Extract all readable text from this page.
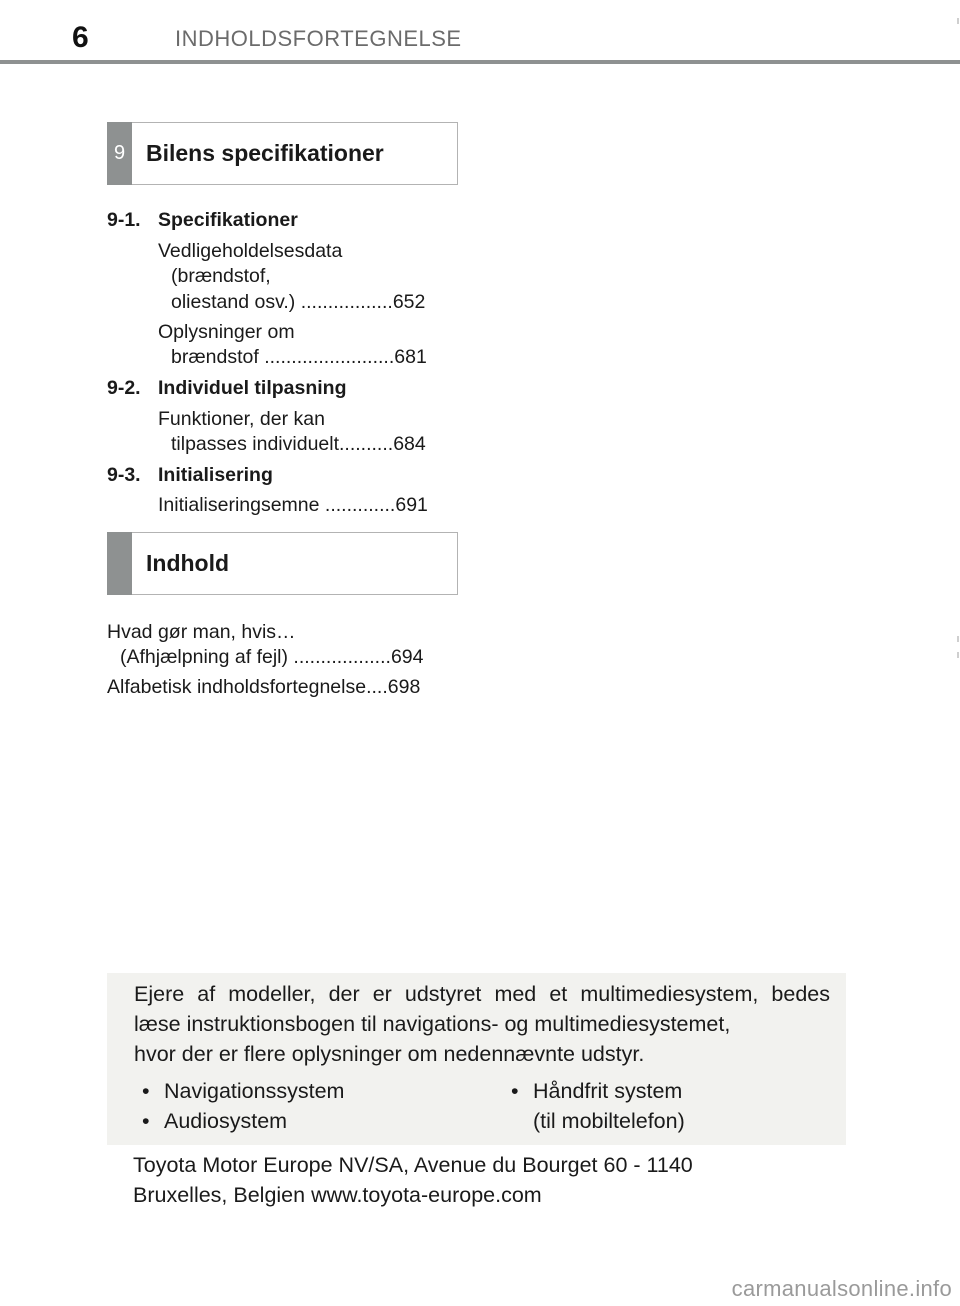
6	INDHOLDSFORTEGNELSE
9 Bilens specifikationer
9-1. Specifikationer
Vedligeholdelsesdata
(brændstof,
oliestand osv.) .................652
Oplysninger om
brændstof ........................681
9-2. Individuel tilpasning
Funktioner, der kan
tilpasses individuelt..........684
9-3. Initialisering
Initialiseringsemne .............691
Indhold
Hvad gør man, hvis…
(Afhjælpning af fejl) ..................694
Alfabetisk indholdsfortegnelse....698
Ejere af modeller, der er udstyret med et multimediesystem, bedes
læse instruktionsbogen til navigations- og multimediesystemet,
hvor der er flere oplysninger om nedennævnte udstyr.
• Navigationssystem
• Audiosystem
• Håndfrit system
(til mobiltelefon)
Toyota Motor Europe NV/SA, Avenue du Bourget 60 - 1140
Bruxelles, Belgien www.toyota-europe.com
carmanualsonline.info
